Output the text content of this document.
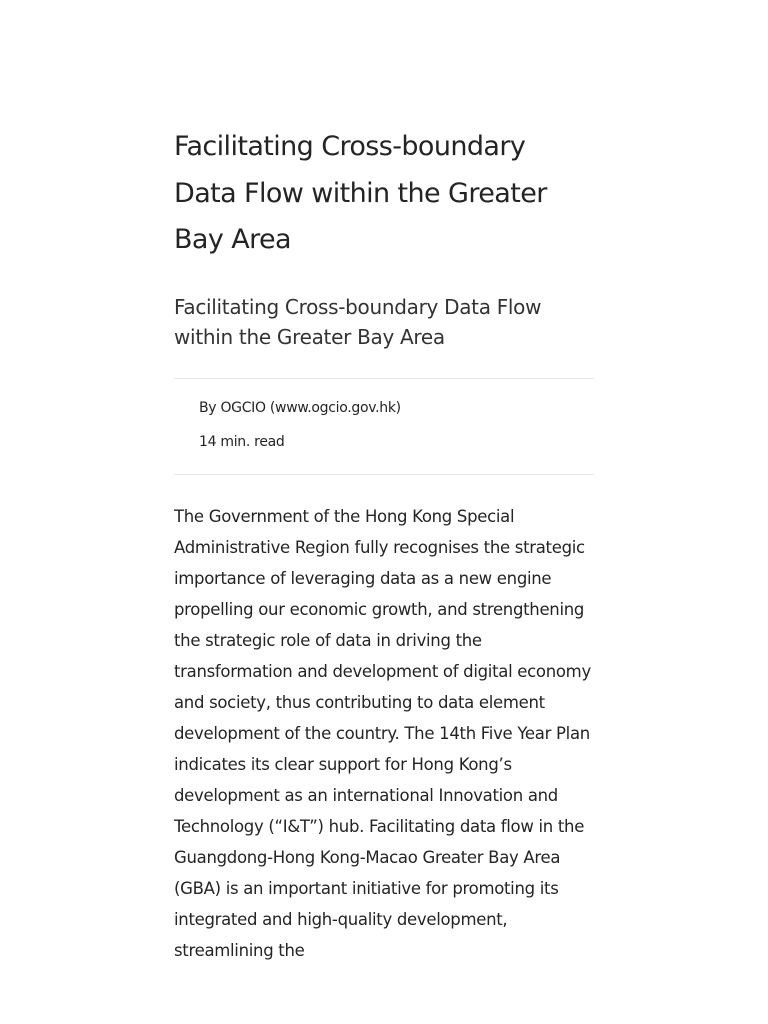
Facilitating Cross-boundary Data Flow within the Greater Bay Area
Facilitating Cross-boundary Data Flow within the Greater Bay Area
By OGCIO (www.ogcio.gov.hk)
14 min. read

The Government of the Hong Kong Special Administrative Region fully recognises the strategic importance of leveraging data as a new engine propelling our economic growth, and strengthening the strategic role of data in driving the transformation and development of digital economy and society, thus contributing to data element development of the country. The 14th Five Year Plan indicates its clear support for Hong Kong’s development as an international Innovation and Technology (“I&T”) hub. Facilitating data flow in the Guangdong-Hong Kong-Macao Greater Bay Area (GBA) is an important initiative for promoting its integrated and high-quality development, streamlining the
